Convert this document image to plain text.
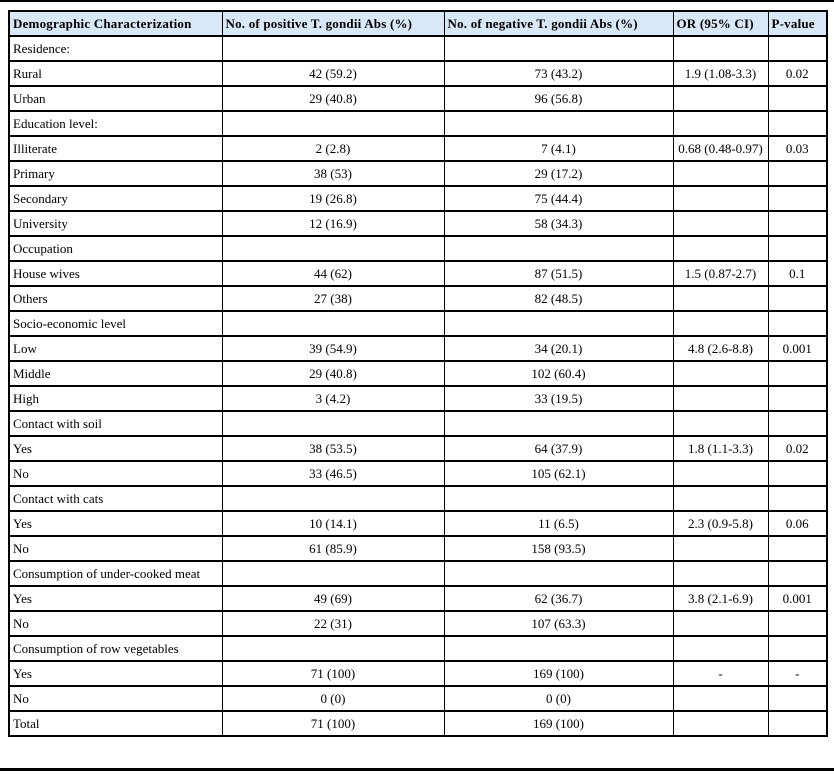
Demographic Characterization	No. of positive T. gondii Abs (%)	No. of negative T. gondii Abs (%)	OR (95% CI)	P-value
Residence:				
Rural	42 (59.2)	73 (43.2)	1.9 (1.08-3.3)	0.02
Urban	29 (40.8)	96 (56.8)		
Education level:				
Illiterate	2 (2.8)	7 (4.1)	0.68 (0.48-0.97)	0.03
Primary	38 (53)	29 (17.2)		
Secondary	19 (26.8)	75 (44.4)		
University	12 (16.9)	58 (34.3)		
Occupation				
House wives	44 (62)	87 (51.5)	1.5 (0.87-2.7)	0.1
Others	27 (38)	82 (48.5)		
Socio-economic level				
Low	39 (54.9)	34 (20.1)	4.8 (2.6-8.8)	0.001
Middle	29 (40.8)	102 (60.4)		
High	3 (4.2)	33 (19.5)		
Contact with soil				
Yes	38 (53.5)	64 (37.9)	1.8 (1.1-3.3)	0.02
No	33 (46.5)	105 (62.1)		
Contact with cats				
Yes	10 (14.1)	11 (6.5)	2.3 (0.9-5.8)	0.06
No	61 (85.9)	158 (93.5)		
Consumption of under-cooked meat				
Yes	49 (69)	62 (36.7)	3.8 (2.1-6.9)	0.001
No	22 (31)	107 (63.3)		
Consumption of row vegetables				
Yes	71 (100)	169 (100)	-	-
No	0 (0)	0 (0)		
Total	71 (100)	169 (100)		
